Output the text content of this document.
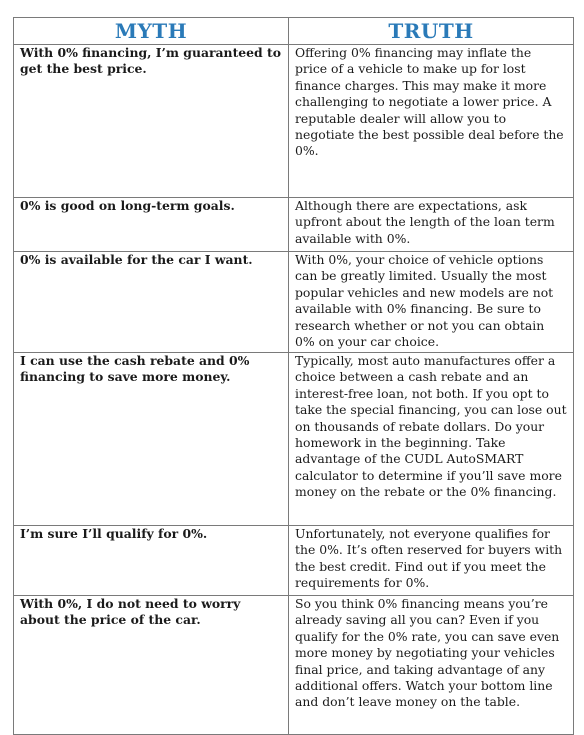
MYTH	TRUTH

With 0% financing, I’m guaranteed to get the best price.	Offering 0% financing may inflate the price of a vehicle to make up for lost finance charges. This may make it more challenging to negotiate a lower price. A reputable dealer will allow you to negotiate the best possible deal before the 0%.

0% is good on long-term goals.	Although there are expectations, ask upfront about the length of the loan term available with 0%.

0% is available for the car I want.	With 0%, your choice of vehicle options can be greatly limited. Usually the most popular vehicles and new models are not available with 0% financing. Be sure to research whether or not you can obtain 0% on your car choice.

I can use the cash rebate and 0% financing to save more money.	Typically, most auto manufactures offer a choice between a cash rebate and an interest-free loan, not both. If you opt to take the special financing, you can lose out on thousands of rebate dollars. Do your homework in the beginning. Take advantage of the CUDL AutoSMART calculator to determine if you’ll save more money on the rebate or the 0% financing.

I’m sure I’ll qualify for 0%.	Unfortunately, not everyone qualifies for the 0%. It’s often reserved for buyers with the best credit. Find out if you meet the requirements for 0%.

With 0%, I do not need to worry about the price of the car.	So you think 0% financing means you’re already saving all you can? Even if you qualify for the 0% rate, you can save even more money by negotiating your vehicles final price, and taking advantage of any additional offers. Watch your bottom line and don’t leave money on the table.
